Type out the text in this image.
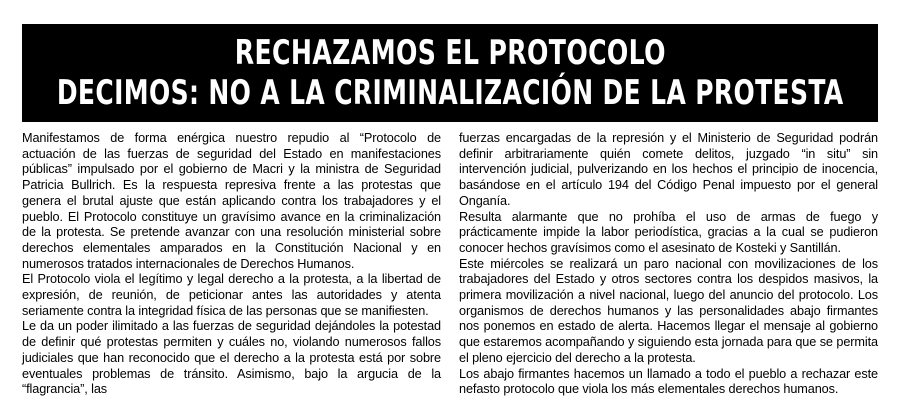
RECHAZAMOS EL PROTOCOLO
DECIMOS: NO A LA CRIMINALIZACIÓN DE LA PROTESTA

Manifestamos de forma enérgica nuestro repudio al “Protocolo de actuación de las fuerzas de seguridad del Estado en manifestaciones públicas” impulsado por el gobierno de Macri y la ministra de Seguridad Patricia Bullrich. Es la respuesta represiva frente a las protestas que genera el brutal ajuste que están aplicando contra los trabajadores y el pueblo. El Protocolo constituye un gravísimo avance en la criminalización de la protesta. Se pretende avanzar con una resolución ministerial sobre derechos elementales amparados en la Constitución Nacional y en numerosos tratados internacionales de Derechos Humanos.

El Protocolo viola el legítimo y legal derecho a la protesta, a la libertad de expresión, de reunión, de peticionar antes las autoridades y atenta seriamente contra la integridad física de las personas que se manifiesten.

Le da un poder ilimitado a las fuerzas de seguridad dejándoles la potestad de definir qué protestas permiten y cuáles no, violando numerosos fallos judiciales que han reconocido que el derecho a la protesta está por sobre eventuales problemas de tránsito. Asimismo, bajo la argucia de la “flagrancia”, las

fuerzas encargadas de la represión y el Ministerio de Seguridad podrán definir arbitrariamente quién comete delitos, juzgado “in situ” sin intervención judicial, pulverizando en los hechos el principio de inocencia, basándose en el artículo 194 del Código Penal impuesto por el general Onganía.

Resulta alarmante que no prohíba el uso de armas de fuego y prácticamente impide la labor periodística, gracias a la cual se pudieron conocer hechos gravísimos como el asesinato de Kosteki y Santillán.

Este miércoles se realizará un paro nacional con movilizaciones de los trabajadores del Estado y otros sectores contra los despidos masivos, la primera movilización a nivel nacional, luego del anuncio del protocolo. Los organismos de derechos humanos y las personalidades abajo firmantes nos ponemos en estado de alerta. Hacemos llegar el mensaje al gobierno que estaremos acompañando y siguiendo esta jornada para que se permita el pleno ejercicio del derecho a la protesta.

Los abajo firmantes hacemos un llamado a todo el pueblo a rechazar este nefasto protocolo que viola los más elementales derechos humanos.
